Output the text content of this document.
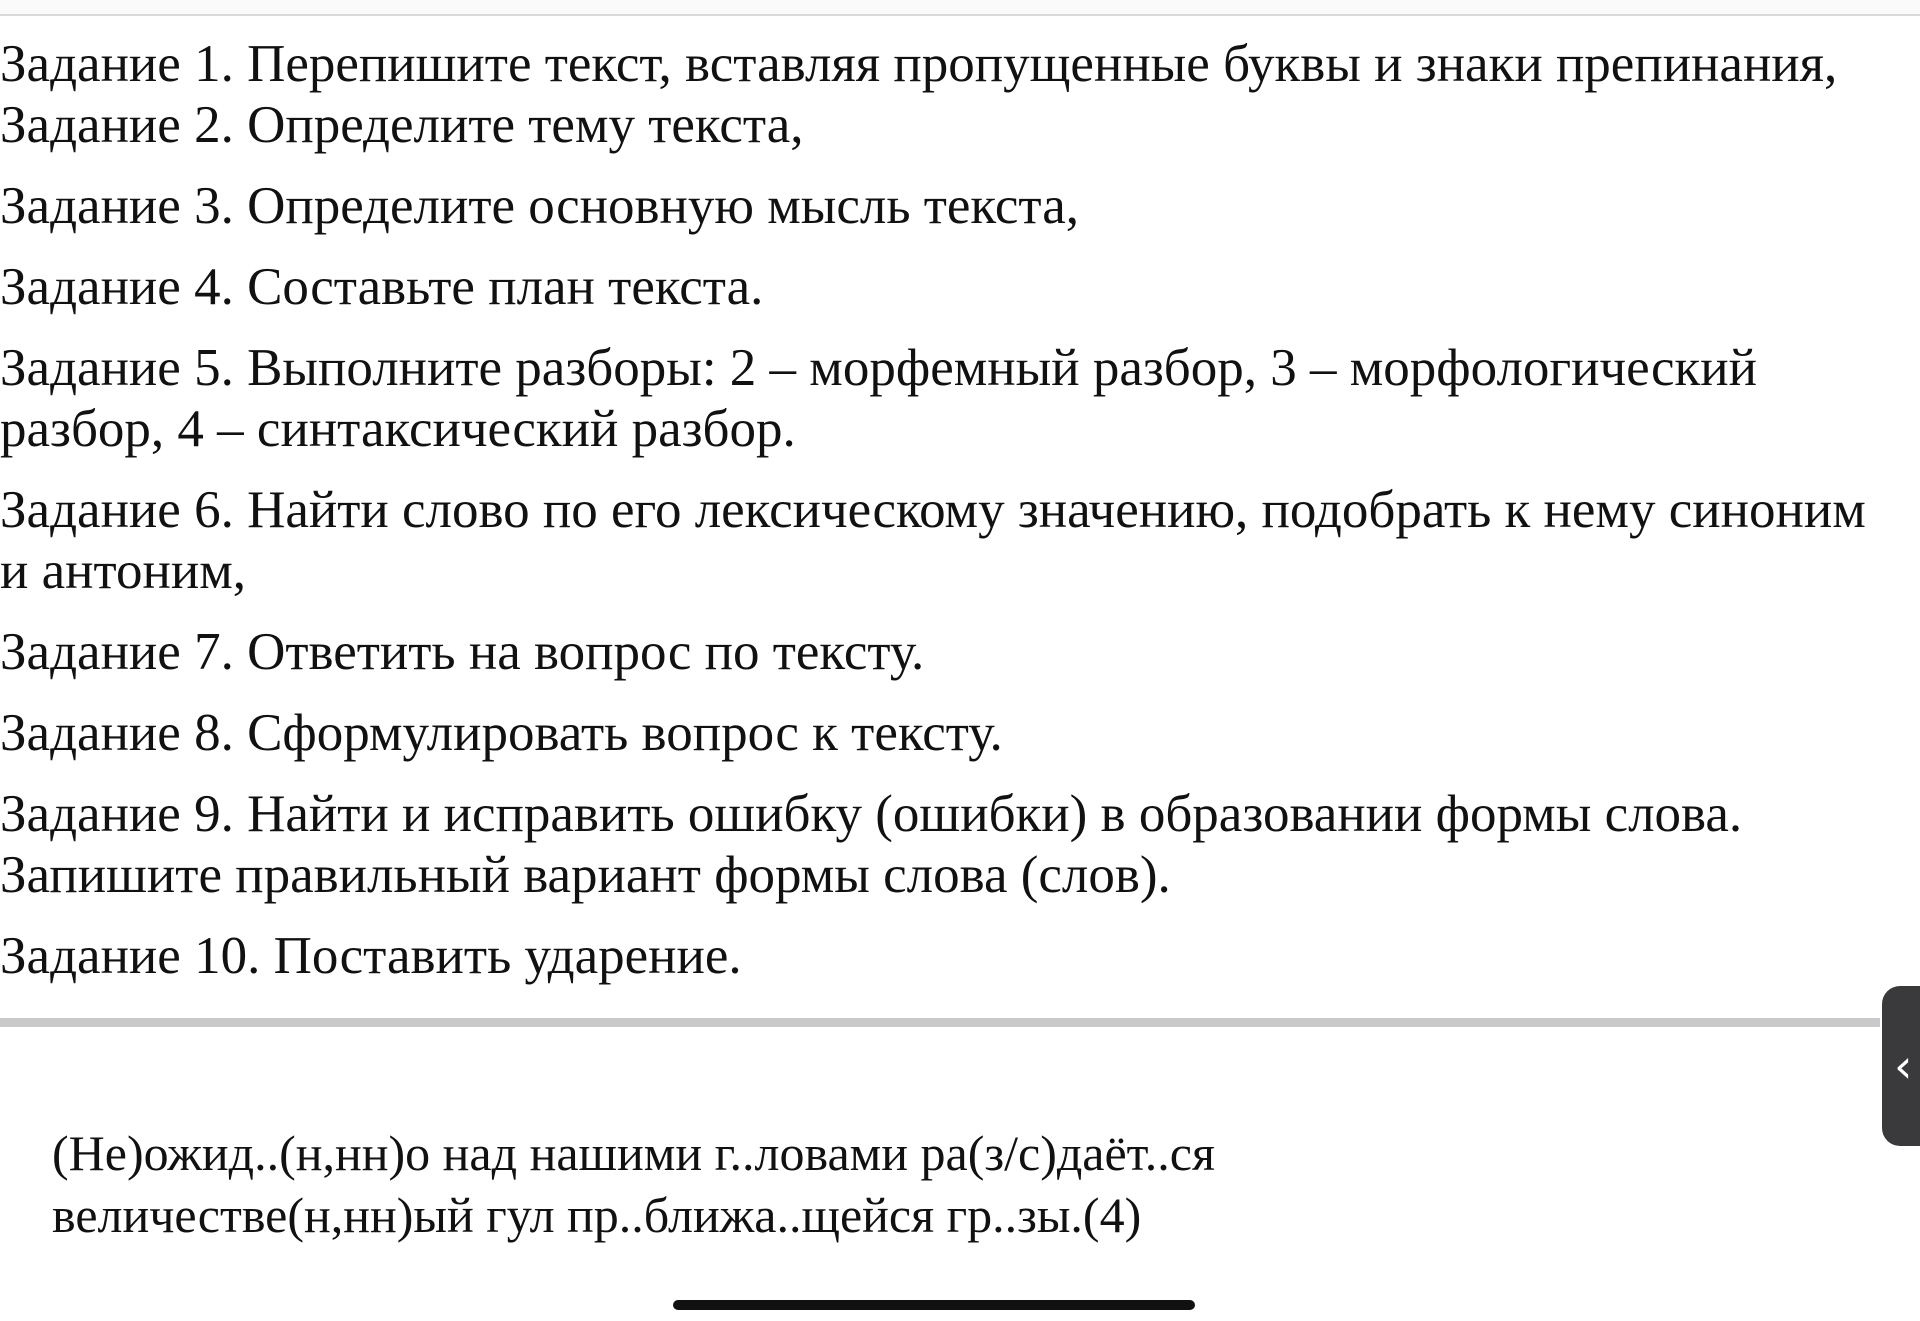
Задание 1. Перепишите текст, вставляя пропущенные буквы и знаки препинания, Задание 2. Определите тему текста,
Задание 3. Определите основную мысль текста,
Задание 4. Составьте план текста.
Задание 5. Выполните разборы: 2 – морфемный разбор, 3 – морфологический разбор, 4 – синтаксический разбор.
Задание 6. Найти слово по его лексическому значению, подобрать к нему синоним и антоним,
Задание 7. Ответить на вопрос по тексту.
Задание 8. Сформулировать вопрос к тексту.
Задание 9. Найти и исправить ошибку (ошибки) в образовании формы слова. Запишите правильный вариант формы слова (слов).
Задание 10. Поставить ударение.
(Не)ожид..(н,нн)о над нашими г..ловами ра(з/с)даёт..ся
величестве(н,нн)ый гул пр..ближа..щейся гр..зы.(4)
‹
